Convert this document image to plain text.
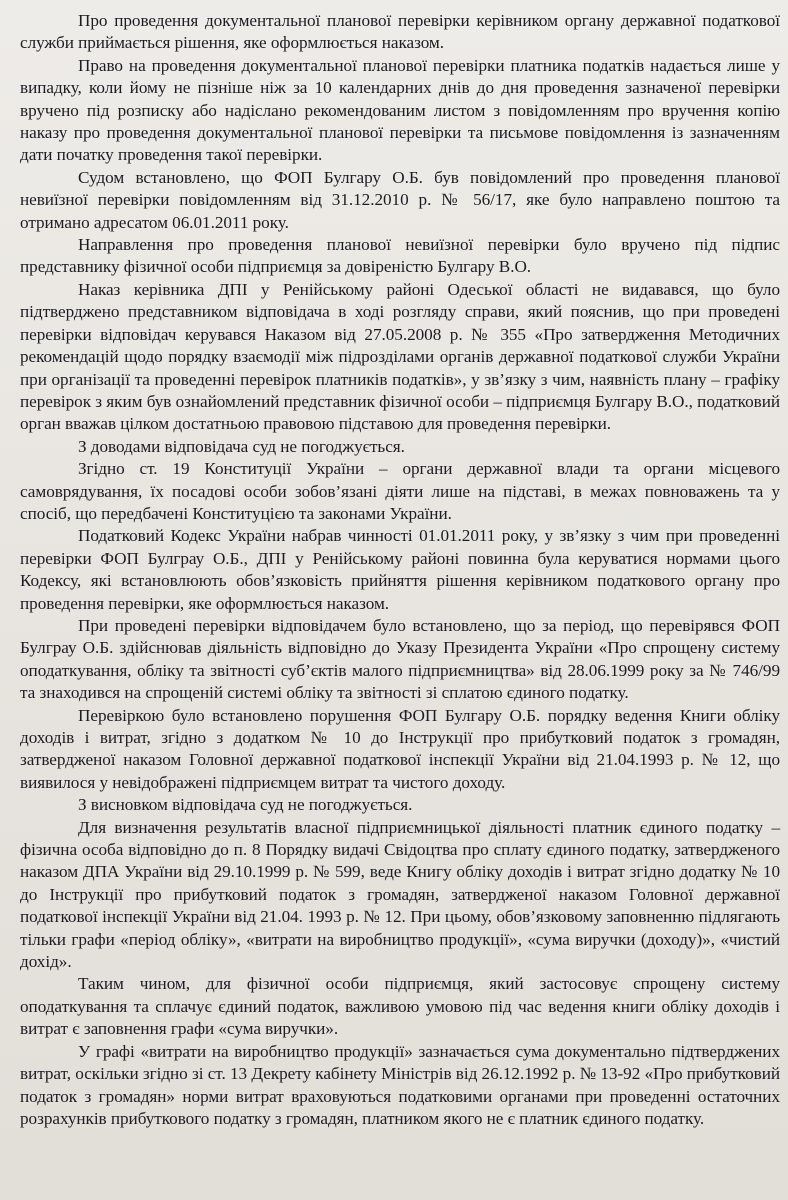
Про проведення документальної планової перевірки керівником органу державної податкової служби приймається рішення, яке оформлюється наказом.

Право на проведення документальної планової перевірки платника податків надається лише у випадку, коли йому не пізніше ніж за 10 календарних днів до дня проведення зазначеної перевірки вручено під розписку або надіслано рекомендованим листом з повідомленням про вручення копію наказу про проведення документальної планової перевірки та письмове повідомлення із зазначенням дати початку проведення такої перевірки.

Судом встановлено, що ФОП Булгару О.Б. був повідомлений про проведення планової невиїзної перевірки повідомленням від 31.12.2010 р. № 56/17, яке було направлено поштою та отримано адресатом 06.01.2011 року.

Направлення про проведення планової невиїзної перевірки було вручено під підпис представнику фізичної особи підприємця за довіреністю Булгару В.О.

Наказ керівника ДПІ у Ренійському районі Одеської області не видавався, що було підтверджено представником відповідача в ході розгляду справи, який пояснив, що при проведені перевірки відповідач керувався Наказом від 27.05.2008 р. № 355 «Про затвердження Методичних рекомендацій щодо порядку взаємодії між підрозділами органів державної податкової служби України при організації та проведенні перевірок платників податків», у зв’язку з чим, наявність плану – графіку перевірок з яким був ознайомлений представник фізичної особи – підприємця Булгару В.О., податковий орган вважав цілком достатньою правовою підставою для проведення перевірки.

З доводами відповідача суд не погоджується.

Згідно ст. 19 Конституції України – органи державної влади та органи місцевого самоврядування, їх посадові особи зобов’язані діяти лише на підставі, в межах повноважень та у спосіб, що передбачені Конституцією та законами України.

Податковий Кодекс України набрав чинності 01.01.2011 року, у зв’язку з чим при проведенні перевірки ФОП Булграу О.Б., ДПІ у Ренійському районі повинна була керуватися нормами цього Кодексу, які встановлюють обов’язковість прийняття рішення керівником податкового органу про проведення перевірки, яке оформлюється наказом.

При проведені перевірки відповідачем було встановлено, що за період, що перевірявся ФОП Булграу О.Б. здійснював діяльність відповідно до Указу Президента України «Про спрощену систему оподаткування, обліку та звітності суб’єктів малого підприємництва» від 28.06.1999 року за № 746/99 та знаходився на спрощеній системі обліку та звітності зі сплатою єдиного податку.

Перевіркою було встановлено порушення ФОП Булгару О.Б. порядку ведення Книги обліку доходів і витрат, згідно з додатком № 10 до Інструкції про прибутковий податок з громадян, затвердженої наказом Головної державної податкової інспекції України від 21.04.1993 р. № 12, що виявилося у невідображені підприємцем витрат та чистого доходу.

З висновком відповідача суд не погоджується.

Для визначення результатів власної підприємницької діяльності платник єдиного податку – фізична особа відповідно до п. 8 Порядку видачі Свідоцтва про сплату єдиного податку, затвердженого наказом ДПА України від 29.10.1999 р. № 599, веде Книгу обліку доходів і витрат згідно додатку № 10 до Інструкції про прибутковий податок з громадян, затвердженої наказом Головної державної податкової інспекції України від 21.04. 1993 р. № 12. При цьому, обов’язковому заповненню підлягають тільки графи «період обліку», «витрати на виробництво продукції», «сума виручки (доходу)», «чистий дохід».

Таким чином, для фізичної особи підприємця, який застосовує спрощену систему оподаткування та сплачує єдиний податок, важливою умовою під час ведення книги обліку доходів і витрат є заповнення графи «сума виручки».

У графі «витрати на виробництво продукції» зазначається сума документально підтверджених витрат, оскільки згідно зі ст. 13 Декрету кабінету Міністрів від 26.12.1992 р. № 13-92 «Про прибутковий податок з громадян» норми витрат враховуються податковими органами при проведенні остаточних розрахунків прибуткового податку з громадян, платником якого не є платник єдиного податку.
